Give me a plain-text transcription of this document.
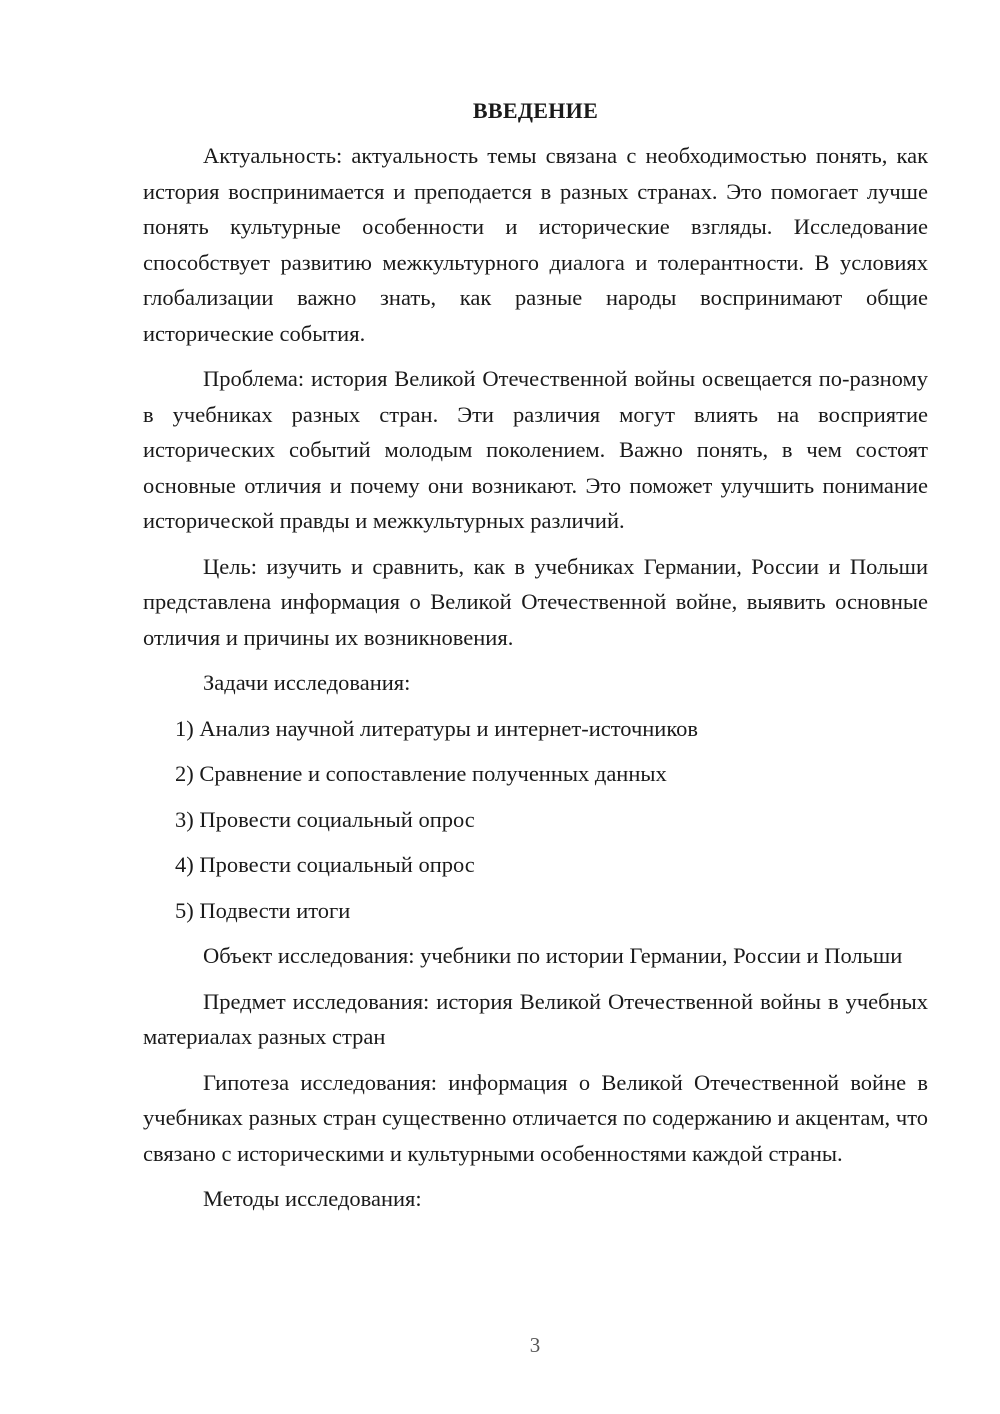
ВВЕДЕНИЕ

Актуальность: актуальность темы связана с необходимостью понять, как история воспринимается и преподается в разных странах. Это помогает лучше понять культурные особенности и исторические взгляды. Исследование способствует развитию межкультурного диалога и толерантности. В условиях глобализации важно знать, как разные народы воспринимают общие исторические события.

Проблема: история Великой Отечественной войны освещается по-разному в учебниках разных стран. Эти различия могут влиять на восприятие исторических событий молодым поколением. Важно понять, в чем состоят основные отличия и почему они возникают. Это поможет улучшить понимание исторической правды и межкультурных различий.

Цель: изучить и сравнить, как в учебниках Германии, России и Польши представлена информация о Великой Отечественной войне, выявить основные отличия и причины их возникновения.

Задачи исследования:

1) Анализ научной литературы и интернет-источников
2) Сравнение и сопоставление полученных данных
3) Провести социальный опрос
4) Провести социальный опрос
5) Подвести итоги

Объект исследования: учебники по истории Германии, России и Польши

Предмет исследования: история Великой Отечественной войны в учебных материалах разных стран

Гипотеза исследования: информация о Великой Отечественной войне в учебниках разных стран существенно отличается по содержанию и акцентам, что связано с историческими и культурными особенностями каждой страны.

Методы исследования:

3
